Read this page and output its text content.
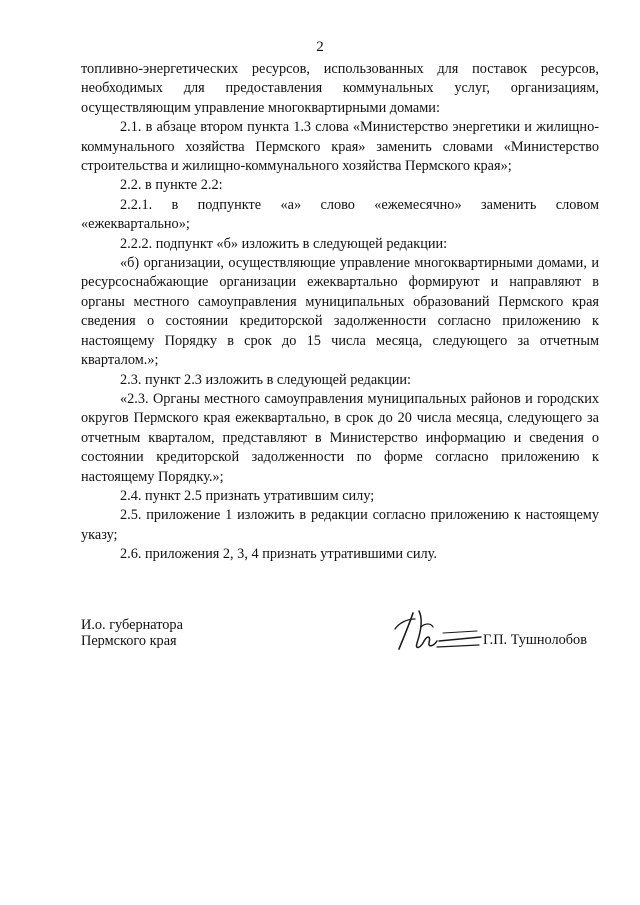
2

топливно-энергетических ресурсов, использованных для поставок ресурсов, необходимых для предоставления коммунальных услуг, организациям, осуществляющим управление многоквартирными домами:

2.1. в абзаце втором пункта 1.3 слова «Министерство энергетики и жилищно-коммунального хозяйства Пермского края» заменить словами «Министерство строительства и жилищно-коммунального хозяйства Пермского края»;

2.2. в пункте 2.2:

2.2.1. в подпункте «а» слово «ежемесячно» заменить словом «ежеквартально»;

2.2.2. подпункт «б» изложить в следующей редакции:

«б) организации, осуществляющие управление многоквартирными домами, и ресурсоснабжающие организации ежеквартально формируют и направляют в органы местного самоуправления муниципальных образований Пермского края сведения о состоянии кредиторской задолженности согласно приложению к настоящему Порядку в срок до 15 числа месяца, следующего за отчетным кварталом.»;

2.3. пункт 2.3 изложить в следующей редакции:

«2.3. Органы местного самоуправления муниципальных районов и городских округов Пермского края ежеквартально, в срок до 20 числа месяца, следующего за отчетным кварталом, представляют в Министерство информацию и сведения о состоянии кредиторской задолженности по форме согласно приложению к настоящему Порядку.»;

2.4. пункт 2.5 признать утратившим силу;

2.5. приложение 1 изложить в редакции согласно приложению к настоящему указу;

2.6. приложения 2, 3, 4 признать утратившими силу.

И.о. губернатора
Пермского края	Г.П. Тушнолобов
